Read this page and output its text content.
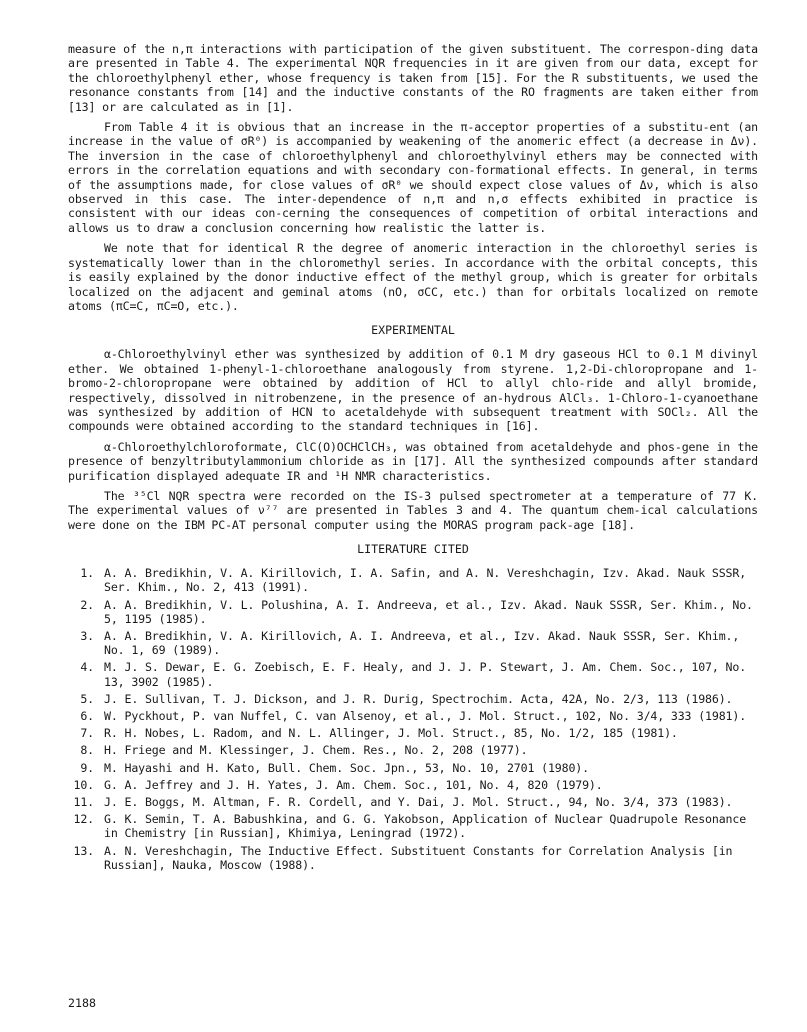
measure of the n,π interactions with participation of the given substituent. The correspon-ding data are presented in Table 4. The experimental NQR frequencies in it are given from our data, except for the chloroethylphenyl ether, whose frequency is taken from [15]. For the R substituents, we used the resonance constants from [14] and the inductive constants of the RO fragments are taken either from [13] or are calculated as in [1].

From Table 4 it is obvious that an increase in the π-acceptor properties of a substitu-ent (an increase in the value of σR⁰) is accompanied by weakening of the anomeric effect (a decrease in Δν). The inversion in the case of chloroethylphenyl and chloroethylvinyl ethers may be connected with errors in the correlation equations and with secondary con-formational effects. In general, in terms of the assumptions made, for close values of σR⁰ we should expect close values of Δν, which is also observed in this case. The inter-dependence of n,π and n,σ effects exhibited in practice is consistent with our ideas con-cerning the consequences of competition of orbital interactions and allows us to draw a conclusion concerning how realistic the latter is.

We note that for identical R the degree of anomeric interaction in the chloroethyl series is systematically lower than in the chloromethyl series. In accordance with the orbital concepts, this is easily explained by the donor inductive effect of the methyl group, which is greater for orbitals localized on the adjacent and geminal atoms (nO, σCC, etc.) than for orbitals localized on remote atoms (πC=C, πC=O, etc.).

EXPERIMENTAL

α-Chloroethylvinyl ether was synthesized by addition of 0.1 M dry gaseous HCl to 0.1 M divinyl ether. We obtained 1-phenyl-1-chloroethane analogously from styrene. 1,2-Di-chloropropane and 1-bromo-2-chloropropane were obtained by addition of HCl to allyl chlo-ride and allyl bromide, respectively, dissolved in nitrobenzene, in the presence of an-hydrous AlCl₃. 1-Chloro-1-cyanoethane was synthesized by addition of HCN to acetaldehyde with subsequent treatment with SOCl₂. All the compounds were obtained according to the standard techniques in [16].

α-Chloroethylchloroformate, ClC(O)OCHClCH₃, was obtained from acetaldehyde and phos-gene in the presence of benzyltributylammonium chloride as in [17]. All the synthesized compounds after standard purification displayed adequate IR and ¹H NMR characteristics.

The ³⁵Cl NQR spectra were recorded on the IS-3 pulsed spectrometer at a temperature of 77 K. The experimental values of ν⁷⁷ are presented in Tables 3 and 4. The quantum chem-ical calculations were done on the IBM PC-AT personal computer using the MORAS program pack-age [18].

LITERATURE CITED
1. A. A. Bredikhin, V. A. Kirillovich, I. A. Safin, and A. N. Vereshchagin, Izv. Akad. Nauk SSSR, Ser. Khim., No. 2, 413 (1991).
2. A. A. Bredikhin, V. L. Polushina, A. I. Andreeva, et al., Izv. Akad. Nauk SSSR, Ser. Khim., No. 5, 1195 (1985).
3. A. A. Bredikhin, V. A. Kirillovich, A. I. Andreeva, et al., Izv. Akad. Nauk SSSR, Ser. Khim., No. 1, 69 (1989).
4. M. J. S. Dewar, E. G. Zoebisch, E. F. Healy, and J. J. P. Stewart, J. Am. Chem. Soc., 107, No. 13, 3902 (1985).
5. J. E. Sullivan, T. J. Dickson, and J. R. Durig, Spectrochim. Acta, 42A, No. 2/3, 113 (1986).
6. W. Pyckhout, P. van Nuffel, C. van Alsenoy, et al., J. Mol. Struct., 102, No. 3/4, 333 (1981).
7. R. H. Nobes, L. Radom, and N. L. Allinger, J. Mol. Struct., 85, No. 1/2, 185 (1981).
8. H. Friege and M. Klessinger, J. Chem. Res., No. 2, 208 (1977).
9. M. Hayashi and H. Kato, Bull. Chem. Soc. Jpn., 53, No. 10, 2701 (1980).
10. G. A. Jeffrey and J. H. Yates, J. Am. Chem. Soc., 101, No. 4, 820 (1979).
11. J. E. Boggs, M. Altman, F. R. Cordell, and Y. Dai, J. Mol. Struct., 94, No. 3/4, 373 (1983).
12. G. K. Semin, T. A. Babushkina, and G. G. Yakobson, Application of Nuclear Quadrupole Resonance in Chemistry [in Russian], Khimiya, Leningrad (1972).
13. A. N. Vereshchagin, The Inductive Effect. Substituent Constants for Correlation Analysis [in Russian], Nauka, Moscow (1988).
2188
